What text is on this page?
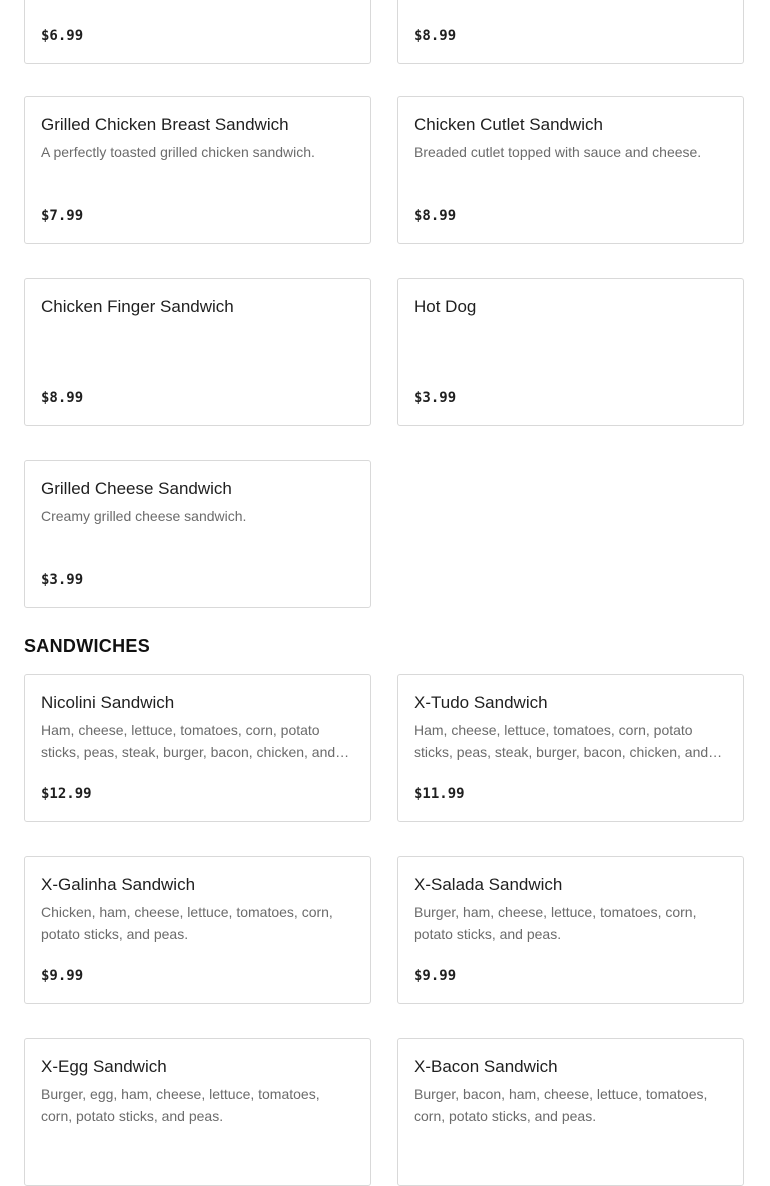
$6.99	$8.99
Grilled Chicken Breast Sandwich
A perfectly toasted grilled chicken sandwich.
$7.99
Chicken Cutlet Sandwich
Breaded cutlet topped with sauce and cheese.
$8.99
Chicken Finger Sandwich
$8.99
Hot Dog
$3.99
Grilled Cheese Sandwich
Creamy grilled cheese sandwich.
$3.99
SANDWICHES
Nicolini Sandwich
Ham, cheese, lettuce, tomatoes, corn, potato sticks, peas, steak, burger, bacon, chicken, and…
$12.99
X-Tudo Sandwich
Ham, cheese, lettuce, tomatoes, corn, potato sticks, peas, steak, burger, bacon, chicken, and…
$11.99
X-Galinha Sandwich
Chicken, ham, cheese, lettuce, tomatoes, corn, potato sticks, and peas.
$9.99
X-Salada Sandwich
Burger, ham, cheese, lettuce, tomatoes, corn, potato sticks, and peas.
$9.99
X-Egg Sandwich
Burger, egg, ham, cheese, lettuce, tomatoes, corn, potato sticks, and peas.
X-Bacon Sandwich
Burger, bacon, ham, cheese, lettuce, tomatoes, corn, potato sticks, and peas.
